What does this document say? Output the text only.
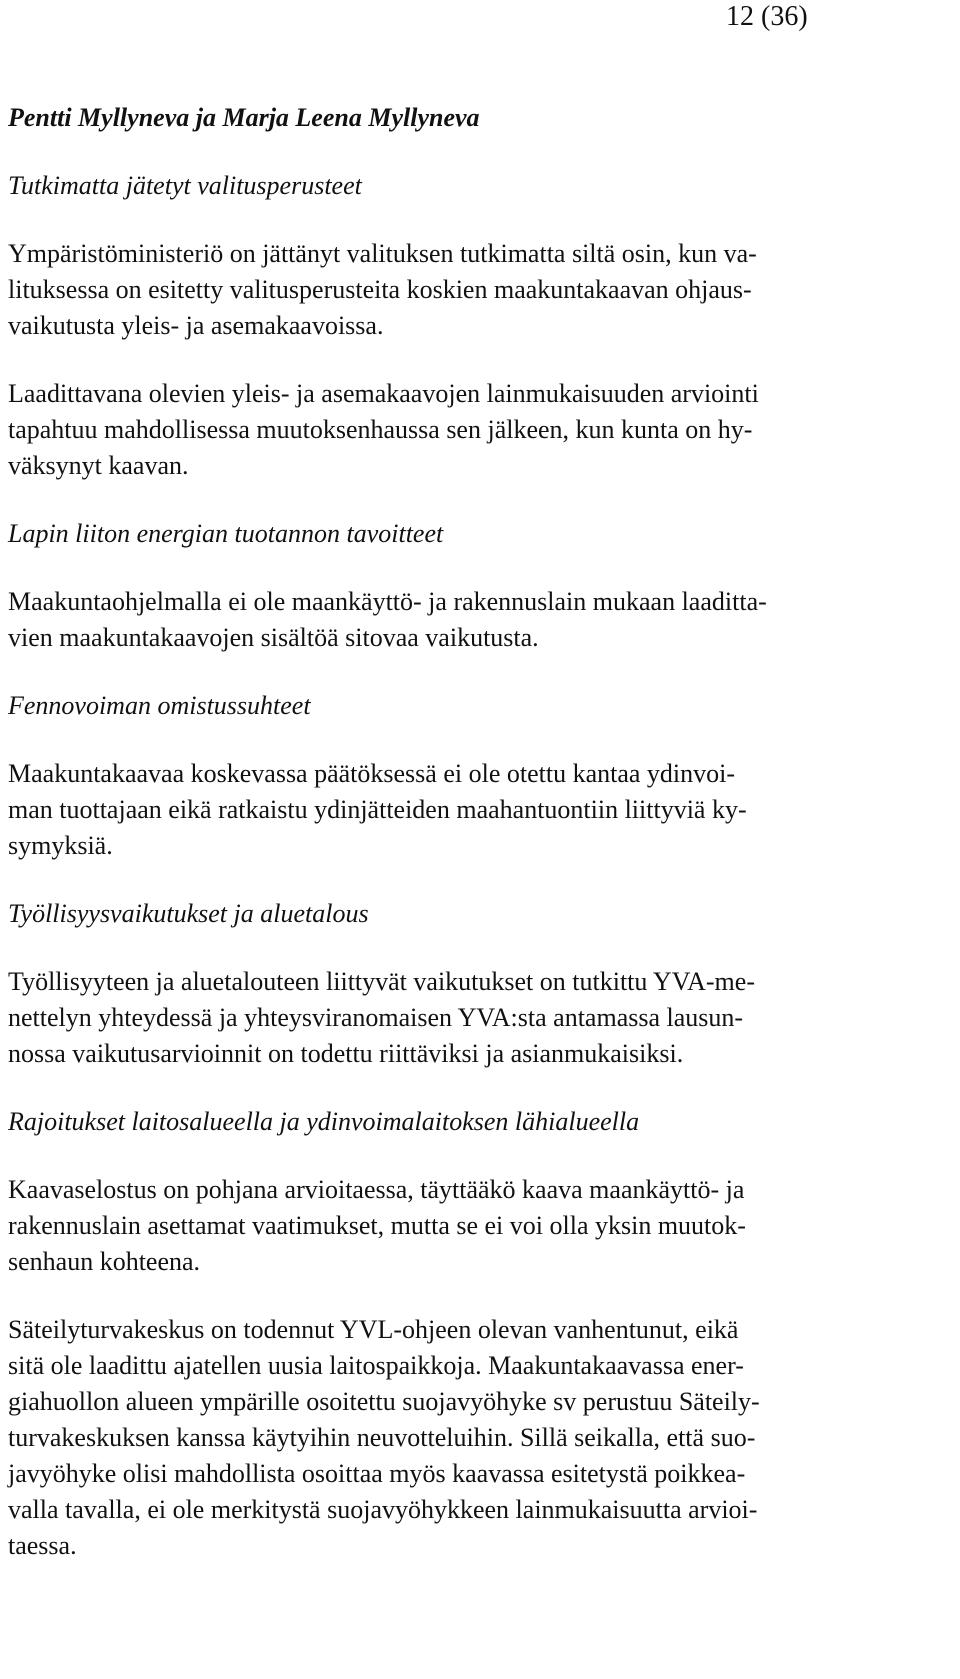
12 (36)
Pentti Myllyneva ja Marja Leena Myllyneva
Tutkimatta jätetyt valitusperusteet
Ympäristöministeriö on jättänyt valituksen tutkimatta siltä osin, kun va-
lituksessa on esitetty valitusperusteita koskien maakuntakaavan ohjaus-
vaikutusta yleis- ja asemakaavoissa.
Laadittavana olevien yleis- ja asemakaavojen lainmukaisuuden arviointi
tapahtuu mahdollisessa muutoksenhaussa sen jälkeen, kun kunta on hy-
väksynyt kaavan.
Lapin liiton energian tuotannon tavoitteet
Maakuntaohjelmalla ei ole maankäyttö- ja rakennuslain mukaan laadittа-
vien maakuntakaavojen sisältöä sitovaa vaikutusta.
Fennovoiman omistussuhteet
Maakuntakaavaa koskevassa päätöksessä ei ole otettu kantaa ydinvoi-
man tuottajaan eikä ratkaistu ydinjätteiden maahantuontiin liittyviä ky-
symyksiä.
Työllisyysvaikutukset ja aluetalous
Työllisyyteen ja aluetalouteen liittyvät vaikutukset on tutkittu YVA-me-
nettelyn yhteydessä ja yhteysviranomaisen YVA:sta antamassa lausun-
nossa vaikutusarvioinnit on todettu riittäviksi ja asianmukaisiksi.
Rajoitukset laitosalueella ja ydinvoimalaitoksen lähialueella
Kaavaselostus on pohjana arvioitaessa, täyttääkö kaava maankäyttö- ja
rakennuslain asettamat vaatimukset, mutta se ei voi olla yksin muutok-
senhaun kohteena.
Säteilyturvakeskus on todennut YVL-ohjeen olevan vanhentunut, eikä
sitä ole laadittu ajatellen uusia laitospaikkoja. Maakuntakaavassa ener-
giahuollon alueen ympärille osoitettu suojavyöhyke sv perustuu Säteily-
turvakeskuksen kanssa käytyihin neuvotteluihin. Sillä seikalla, että suo-
javyöhyke olisi mahdollista osoittaa myös kaavassa esitetystä poikkea-
valla tavalla, ei ole merkitystä suojavyöhykkeen lainmukaisuutta arvioi-
taessa.
